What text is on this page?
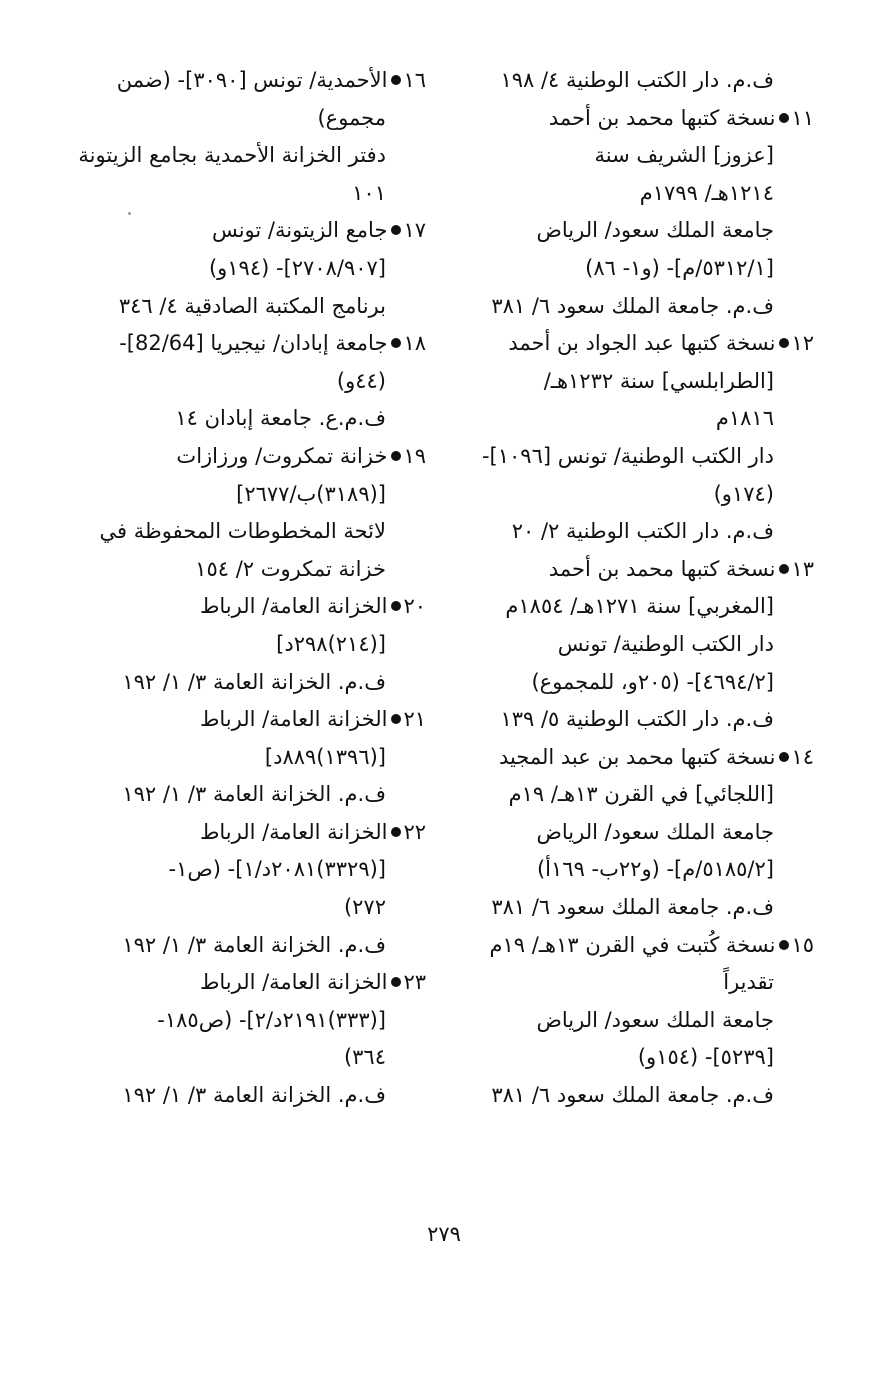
ف.م. دار الكتب الوطنية ٤/ ١٩٨
١١نسخة كتبها محمد بن أحمد
[عزوز] الشريف سنة
١٢١٤هـ/ ١٧٩٩م
جامعة الملك سعود/ الرياض
[٥٣١٢/١/م]- (و١- ٨٦)
ف.م. جامعة الملك سعود ٦/ ٣٨١
١٢نسخة كتبها عبد الجواد بن أحمد
[الطرابلسي] سنة ١٢٣٢هـ/
١٨١٦م
دار الكتب الوطنية/ تونس [١٠٩٦]-
(١٧٤و)
ف.م. دار الكتب الوطنية ٢/ ٢٠
١٣نسخة كتبها محمد بن أحمد
[المغربي] سنة ١٢٧١هـ/ ١٨٥٤م
دار الكتب الوطنية/ تونس
[٤٦٩٤/٢]- (٢٠٥و، للمجموع)
ف.م. دار الكتب الوطنية ٥/ ١٣٩
١٤نسخة كتبها محمد بن عبد المجيد
[اللجائي] في القرن ١٣هـ/ ١٩م
جامعة الملك سعود/ الرياض
[٥١٨٥/٢/م]- (و٢٢ب- ١٦٩أ)
ف.م. جامعة الملك سعود ٦/ ٣٨١
١٥نسخة كُتبت في القرن ١٣هـ/ ١٩م
تقديراً
جامعة الملك سعود/ الرياض
[٥٢٣٩]- (١٥٤و)
ف.م. جامعة الملك سعود ٦/ ٣٨١
١٦الأحمدية/ تونس [٣٠٩٠]- (ضمن
مجموع)
دفتر الخزانة الأحمدية بجامع الزيتونة
١٠١
١٧جامع الزيتونة/ تونس
[٢٧٠٨/٩٠٧]- (١٩٤و)
برنامج المكتبة الصادقية ٤/ ٣٤٦
١٨جامعة إبادان/ نيجيريا [82/64]-
(٤٤و)
ف.م.ع. جامعة إبادان ١٤
١٩خزانة تمكروت/ ورزازات
[(٣١٨٩)ب/٢٦٧٧]
لائحة المخطوطات المحفوظة في
خزانة تمكروت ٢/ ١٥٤
٢٠الخزانة العامة/ الرباط
[(٢١٤)٢٩٨د]
ف.م. الخزانة العامة ٣/ ١/ ١٩٢
٢١الخزانة العامة/ الرباط
[(١٣٩٦)٨٨٩د]
ف.م. الخزانة العامة ٣/ ١/ ١٩٢
٢٢الخزانة العامة/ الرباط
[(٣٣٢٩)٢٠٨١د/١]- (ص١-
٢٧٢)
ف.م. الخزانة العامة ٣/ ١/ ١٩٢
٢٣الخزانة العامة/ الرباط
[(٣٣٣)٢١٩١د/٢]- (ص١٨٥-
٣٦٤)
ف.م. الخزانة العامة ٣/ ١/ ١٩٢
٢٧٩
